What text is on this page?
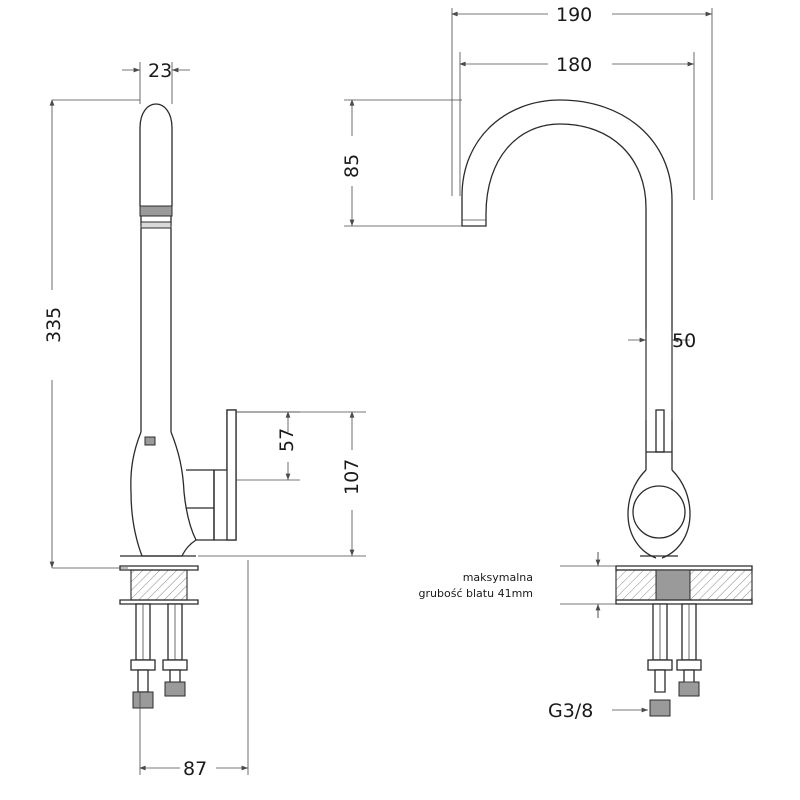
23
335
57
107
87
190
180
85
50
maksymalna
grubość blatu 41mm
G3/8
